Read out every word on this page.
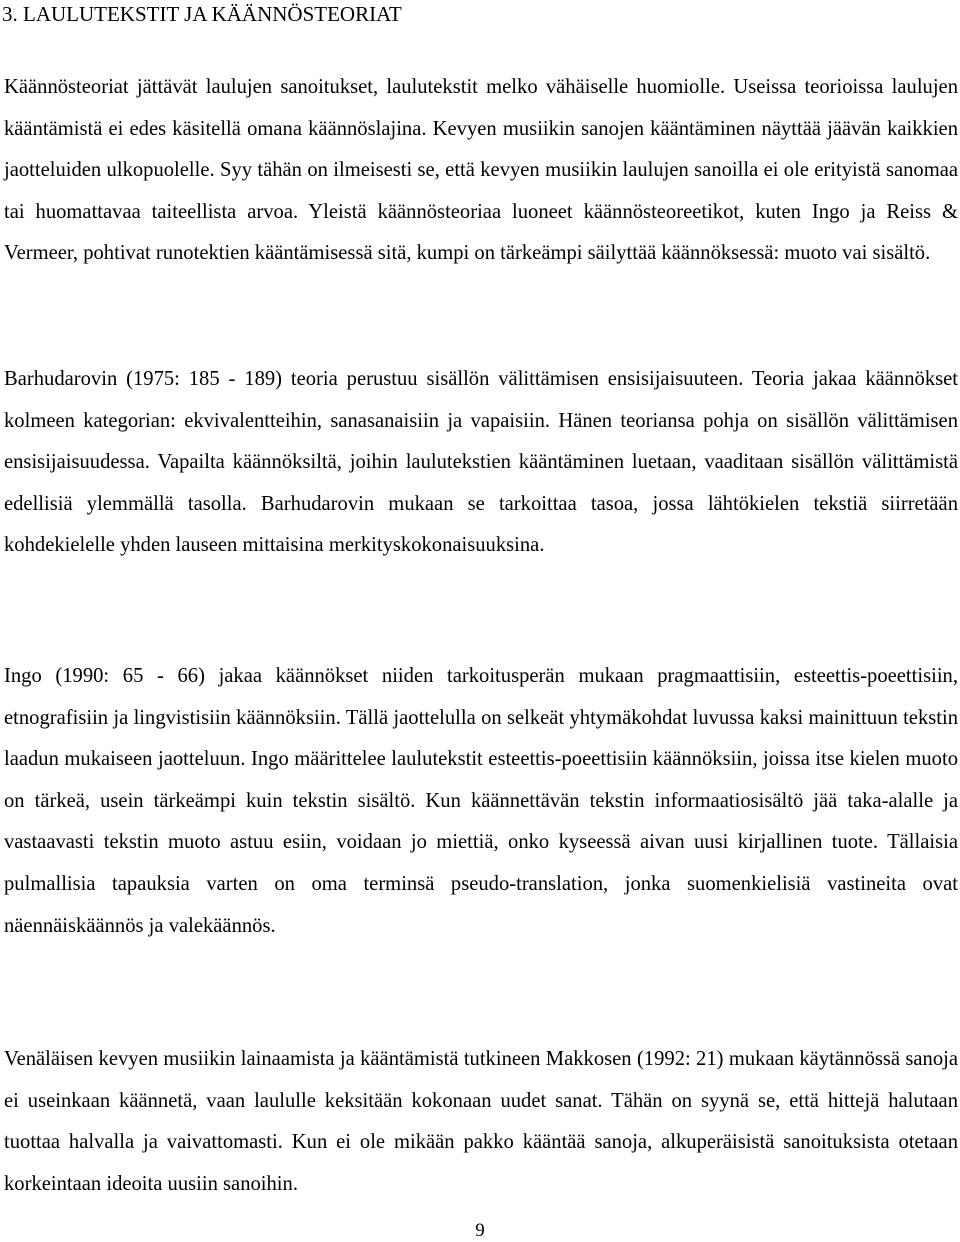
3. LAULUTEKSTIT JA KÄÄNNÖSTEORIAT

Käännösteoriat jättävät laulujen sanoitukset, laulutekstit melko vähäiselle huomiolle. Useissa teorioissa laulujen kääntämistä ei edes käsitellä omana käännöslajina. Kevyen musiikin sanojen kääntäminen näyttää jäävän kaikkien jaotteluiden ulkopuolelle. Syy tähän on ilmeisesti se, että kevyen musiikin laulujen sanoilla ei ole erityistä sanomaa tai huomattavaa taiteellista arvoa. Yleistä käännösteoriaa luoneet käännösteoreetikot, kuten Ingo ja Reiss & Vermeer, pohtivat runotektien kääntämisessä sitä, kumpi on tärkeämpi säilyttää käännöksessä: muoto vai sisältö.

Barhudarovin (1975: 185 - 189) teoria perustuu sisällön välittämisen ensisijaisuuteen. Teoria jakaa käännökset kolmeen kategorian: ekvivalentteihin, sanasanaisiin ja vapaisiin. Hänen teoriansa pohja on sisällön välittämisen ensisijaisuudessa. Vapailta käännöksiltä, joihin laulutekstien kääntäminen luetaan, vaaditaan sisällön välittämistä edellisiä ylemmällä tasolla. Barhudarovin mukaan se tarkoittaa tasoa, jossa lähtökielen tekstiä siirretään kohdekielelle yhden lauseen mittaisina merkityskokonaisuuksina.

Ingo (1990: 65 - 66) jakaa käännökset niiden tarkoitusperän mukaan pragmaattisiin, esteettis-poeettisiin, etnografisiin ja lingvistisiin käännöksiin. Tällä jaottelulla on selkeät yhtymäkohdat luvussa kaksi mainittuun tekstin laadun mukaiseen jaotteluun. Ingo määrittelee laulutekstit esteettis-poeettisiin käännöksiin, joissa itse kielen muoto on tärkeä, usein tärkeämpi kuin tekstin sisältö. Kun käännettävän tekstin informaatiosisältö jää taka-alalle ja vastaavasti tekstin muoto astuu esiin, voidaan jo miettiä, onko kyseessä aivan uusi kirjallinen tuote. Tällaisia pulmallisia tapauksia varten on oma terminsä pseudo-translation, jonka suomenkielisiä vastineita ovat näennäiskäännös ja valekäännös.

Venäläisen kevyen musiikin lainaamista ja kääntämistä tutkineen Makkosen (1992: 21) mukaan käytännössä sanoja ei useinkaan käännetä, vaan laululle keksitään kokonaan uudet sanat. Tähän on syynä se, että hittejä halutaan tuottaa halvalla ja vaivattomasti. Kun ei ole mikään pakko kääntää sanoja, alkuperäisistä sanoituksista otetaan korkeintaan ideoita uusiin sanoihin.

9
